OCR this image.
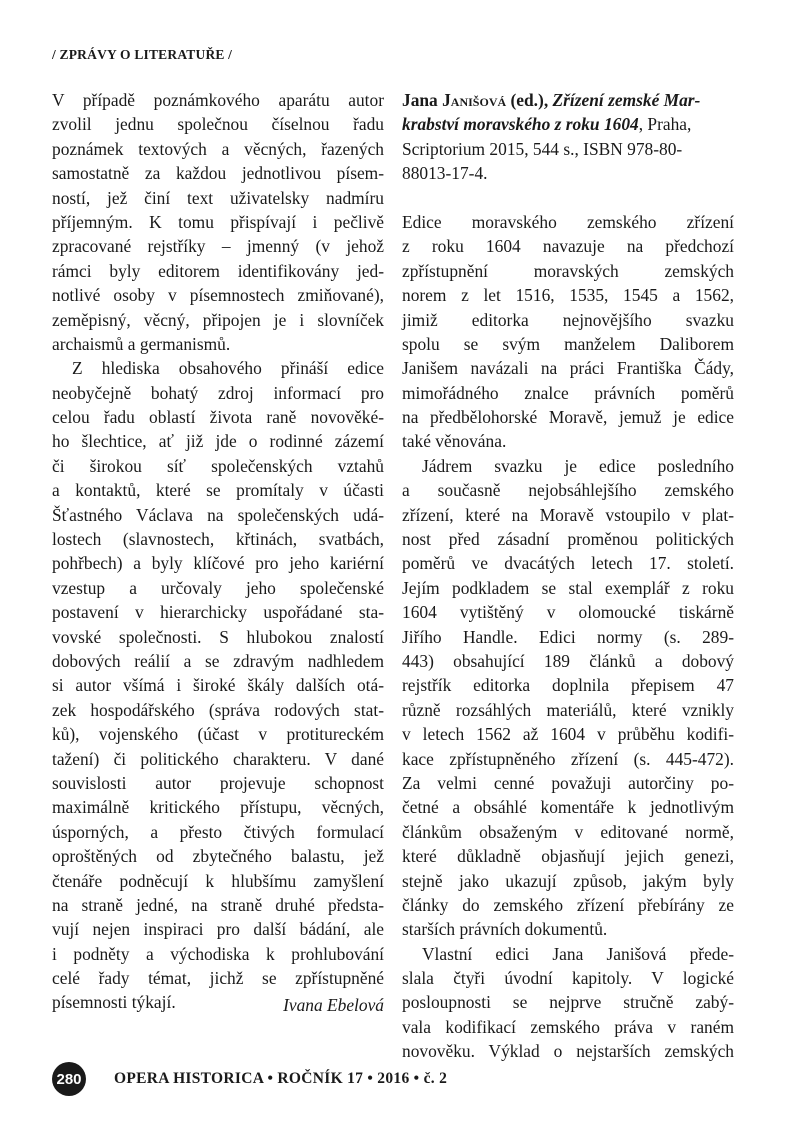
/ ZPRÁVY O LITERATUŘE /
V případě poznámkového aparátu autor
zvolil jednu společnou číselnou řadu
poznámek textových a věcných, řazených
samostatně za každou jednotlivou písem-
ností, jež činí text uživatelsky nadmíru
příjemným. K tomu přispívají i pečlivě
zpracované rejstříky – jmenný (v jehož
rámci byly editorem identifikovány jed-
notlivé osoby v písemnostech zmiňované),
zeměpisný, věcný, připojen je i slovníček
archaismů a germanismů.
Z hlediska obsahového přináší edice
neobyčejně bohatý zdroj informací pro
celou řadu oblastí života raně novověké-
ho šlechtice, ať již jde o rodinné zázemí
či širokou síť společenských vztahů
a kontaktů, které se promítaly v účasti
Šťastného Václava na společenských udá-
lostech (slavnostech, křtinách, svatbách,
pohřbech) a byly klíčové pro jeho kariérní
vzestup a určovaly jeho společenské
postavení v hierarchicky uspořádané sta-
vovské společnosti. S hlubokou znalostí
dobových reálií a se zdravým nadhledem
si autor všímá i široké škály dalších otá-
zek hospodářského (správa rodových stat-
ků), vojenského (účast v protitureckém
tažení) či politického charakteru. V dané
souvislosti autor projevuje schopnost
maximálně kritického přístupu, věcných,
úsporných, a přesto čtivých formulací
oproštěných od zbytečného balastu, jež
čtenáře podněcují k hlubšímu zamyšlení
na straně jedné, na straně druhé předsta-
vují nejen inspiraci pro další bádání, ale
i podněty a východiska k prohlubování
celé řady témat, jichž se zpřístupněné
písemnosti týkají.	Ivana Ebelová
Jana Janišová (ed.), Zřízení zemské Mar-
krabství moravského z roku 1604, Praha,
Scriptorium 2015, 544 s., ISBN 978-80-
88013-17-4.
Edice moravského zemského zřízení
z roku 1604 navazuje na předchozí
zpřístupnění moravských zemských
norem z let 1516, 1535, 1545 a 1562,
jimiž editorka nejnovějšího svazku
spolu se svým manželem Daliborem
Janišem navázali na práci Františka Čády,
mimořádného znalce právních poměrů
na předbělohorské Moravě, jemuž je edice
také věnována.
Jádrem svazku je edice posledního
a současně nejobsáhlejšího zemského
zřízení, které na Moravě vstoupilo v plat-
nost před zásadní proměnou politických
poměrů ve dvacátých letech 17. století.
Jejím podkladem se stal exemplář z roku
1604 vytištěný v olomoucké tiskárně
Jiřího Handle. Edici normy (s. 289-
443) obsahující 189 článků a dobový
rejstřík editorka doplnila přepisem 47
různě rozsáhlých materiálů, které vznikly
v letech 1562 až 1604 v průběhu kodifi-
kace zpřístupněného zřízení (s. 445-472).
Za velmi cenné považuji autorčiny po-
četné a obsáhlé komentáře k jednotlivým
článkům obsaženým v editované normě,
které důkladně objasňují jejich genezi,
stejně jako ukazují způsob, jakým byly
články do zemského zřízení přebírány ze
starších právních dokumentů.
Vlastní edici Jana Janišová přede-
slala čtyři úvodní kapitoly. V logické
posloupnosti se nejprve stručně zabý-
vala kodifikací zemského práva v raném
novověku. Výklad o nejstarších zemských
280 OPERA HISTORICA • ROČNÍK 17 • 2016 • č. 2
